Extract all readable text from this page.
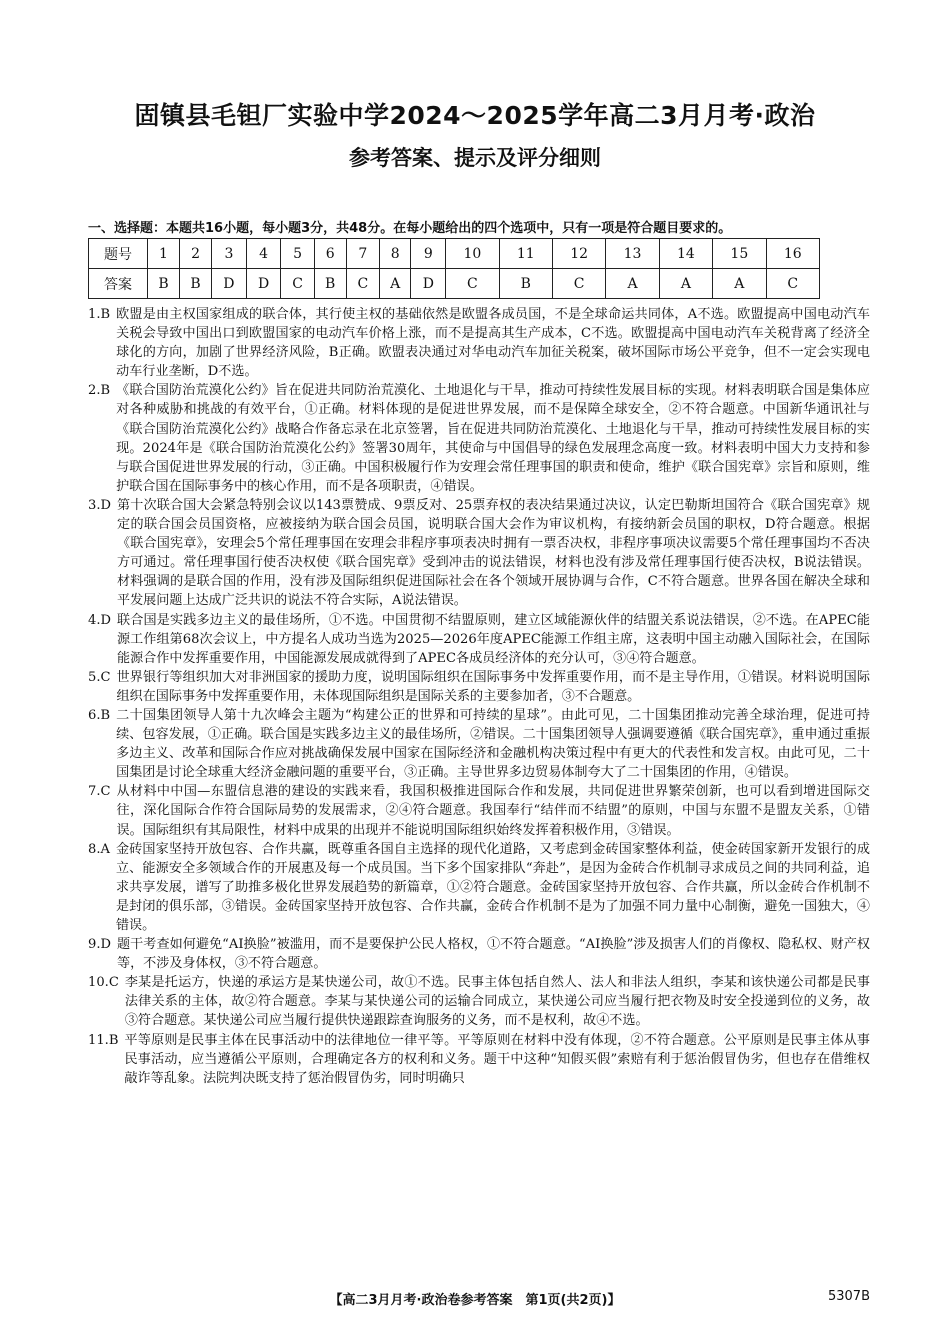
固镇县毛钽厂实验中学2024～2025学年高二3月月考·政治
参考答案、提示及评分细则
一、选择题：本题共16小题，每小题3分，共48分。在每小题给出的四个选项中，只有一项是符合题目要求的。
题号	1	2	3	4	5	6	7	8	9	10	11	12	13	14	15	16
答案	B	B	D	D	C	B	C	A	D	C	B	C	A	A	A	C
1.B 欧盟是由主权国家组成的联合体，其行使主权的基础依然是欧盟各成员国，不是全球命运共同体，A不选。欧盟提高中国电动汽车关税会导致中国出口到欧盟国家的电动汽车价格上涨，而不是提高其生产成本，C不选。欧盟提高中国电动汽车关税背离了经济全球化的方向，加剧了世界经济风险，B正确。欧盟表决通过对华电动汽车加征关税案，破坏国际市场公平竞争，但不一定会实现电动车行业垄断，D不选。
2.B 《联合国防治荒漠化公约》旨在促进共同防治荒漠化、土地退化与干旱，推动可持续性发展目标的实现。材料表明联合国是集体应对各种威胁和挑战的有效平台，①正确。材料体现的是促进世界发展，而不是保障全球安全，②不符合题意。中国新华通讯社与《联合国防治荒漠化公约》战略合作备忘录在北京签署，旨在促进共同防治荒漠化、土地退化与干旱，推动可持续性发展目标的实现。2024年是《联合国防治荒漠化公约》签署30周年，其使命与中国倡导的绿色发展理念高度一致。材料表明中国大力支持和参与联合国促进世界发展的行动，③正确。中国积极履行作为安理会常任理事国的职责和使命，维护《联合国宪章》宗旨和原则，维护联合国在国际事务中的核心作用，而不是各项职责，④错误。
3.D 第十次联合国大会紧急特别会议以143票赞成、9票反对、25票弃权的表决结果通过决议，认定巴勒斯坦国符合《联合国宪章》规定的联合国会员国资格，应被接纳为联合国会员国，说明联合国大会作为审议机构，有接纳新会员国的职权，D符合题意。根据《联合国宪章》，安理会5个常任理事国在安理会非程序事项表决时拥有一票否决权，非程序事项决议需要5个常任理事国均不否决方可通过。常任理事国行使否决权使《联合国宪章》受到冲击的说法错误，材料也没有涉及常任理事国行使否决权，B说法错误。材料强调的是联合国的作用，没有涉及国际组织促进国际社会在各个领域开展协调与合作，C不符合题意。世界各国在解决全球和平发展问题上达成广泛共识的说法不符合实际，A说法错误。
4.D 联合国是实践多边主义的最佳场所，①不选。中国贯彻不结盟原则，建立区域能源伙伴的结盟关系说法错误，②不选。在APEC能源工作组第68次会议上，中方提名人成功当选为2025—2026年度APEC能源工作组主席，这表明中国主动融入国际社会，在国际能源合作中发挥重要作用，中国能源发展成就得到了APEC各成员经济体的充分认可，③④符合题意。
5.C 世界银行等组织加大对非洲国家的援助力度，说明国际组织在国际事务中发挥重要作用，而不是主导作用，①错误。材料说明国际组织在国际事务中发挥重要作用，未体现国际组织是国际关系的主要参加者，③不合题意。
6.B 二十国集团领导人第十九次峰会主题为“构建公正的世界和可持续的星球”。由此可见，二十国集团推动完善全球治理，促进可持续、包容发展，①正确。联合国是实践多边主义的最佳场所，②错误。二十国集团领导人强调要遵循《联合国宪章》，重申通过重振多边主义、改革和国际合作应对挑战确保发展中国家在国际经济和金融机构决策过程中有更大的代表性和发言权。由此可见，二十国集团是讨论全球重大经济金融问题的重要平台，③正确。主导世界多边贸易体制夸大了二十国集团的作用，④错误。
7.C 从材料中中国—东盟信息港的建设的实践来看，我国积极推进国际合作和发展，共同促进世界繁荣创新，也可以看到增进国际交往，深化国际合作符合国际局势的发展需求，②④符合题意。我国奉行“结伴而不结盟”的原则，中国与东盟不是盟友关系，①错误。国际组织有其局限性，材料中成果的出现并不能说明国际组织始终发挥着积极作用，③错误。
8.A 金砖国家坚持开放包容、合作共赢，既尊重各国自主选择的现代化道路，又考虑到金砖国家整体利益，使金砖国家新开发银行的成立、能源安全多领域合作的开展惠及每一个成员国。当下多个国家排队“奔赴”，是因为金砖合作机制寻求成员之间的共同利益，追求共享发展，谱写了助推多极化世界发展趋势的新篇章，①②符合题意。金砖国家坚持开放包容、合作共赢，所以金砖合作机制不是封闭的俱乐部，③错误。金砖国家坚持开放包容、合作共赢，金砖合作机制不是为了加强不同力量中心制衡，避免一国独大，④错误。
9.D 题干考查如何避免“AI换脸”被滥用，而不是要保护公民人格权，①不符合题意。“AI换脸”涉及损害人们的肖像权、隐私权、财产权等，不涉及身体权，③不符合题意。
10.C 李某是托运方，快递的承运方是某快递公司，故①不选。民事主体包括自然人、法人和非法人组织，李某和该快递公司都是民事法律关系的主体，故②符合题意。李某与某快递公司的运输合同成立，某快递公司应当履行把衣物及时安全投递到位的义务，故③符合题意。某快递公司应当履行提供快递跟踪查询服务的义务，而不是权利，故④不选。
11.B 平等原则是民事主体在民事活动中的法律地位一律平等。平等原则在材料中没有体现，②不符合题意。公平原则是民事主体从事民事活动，应当遵循公平原则，合理确定各方的权利和义务。题干中这种“知假买假”索赔有利于惩治假冒伪劣，但也存在借维权敲诈等乱象。法院判决既支持了惩治假冒伪劣，同时明确只
【高二3月月考·政治卷参考答案　第1页(共2页)】	5307B
